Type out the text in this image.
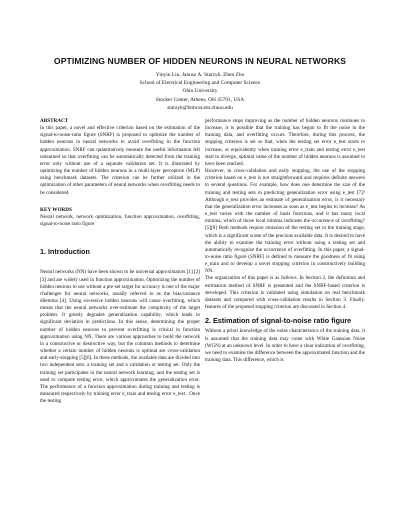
OPTIMIZING NUMBER OF HIDDEN NEURONS IN NEURAL NETWORKS
Yinyin Liu, Janusz A. Starzyk, Zhen Zhu
School of Electrical Engineering and Computer Science
Ohio University
Stocker Center, Athens, OH 45701, USA
starzyk@bobcat.ent.ohiou.edu

ABSTRACT

In this paper, a novel and effective criterion based on the estimation of the signal-to-noise-ratio figure (SNRF) is proposed to optimize the number of hidden neurons in neural networks to avoid overfitting in the function approximation. SNRF can quantitatively measure the useful information left unlearned so that overfitting can be automatically detected from the training error only without use of a separate validation set. It is illustrated by optimizing the number of hidden neurons in a multi-layer perceptron (MLP) using benchmark datasets. The criterion can be further utilized in the optimization of other parameters of neural networks when overfitting needs to be considered.

KEY WORDS

Neural network, network optimization, function approximation, overfitting, signal-to-noise ratio figure

1. Introduction

Neural networks (NN) have been shown to be universal approximators [1] [2] [3] and are widely used in function approximation. Optimizing the number of hidden neurons to use without a pre-set target for accuracy is one of the major challenges for neural networks, usually referred to as the bias/variance dilemma [4]. Using excessive hidden neurons will cause overfitting, which means that the neural networks over-estimate the complexity of the target problem. It greatly degrades generalization capability, which leads to significant deviation in predictions. In this sense, determining the proper number of hidden neurons to prevent overfitting is critical in function approximation using NN. There are various approaches to build the network in a constructive or destructive way, but the common methods to determine whether a certain number of hidden neurons is optimal are cross-validation and early-stopping [5][6]. In these methods, the available data are divided into two independent sets: a training set and a validation or testing set. Only the training set participates in the neural network learning, and the testing set is used to compute testing error, which approximates the generalization error. The performance of a function approximation during training and testing is measured respectively by training error e_train and testing error e_test . Once the testing

performance stops improving as the number of hidden neurons continues to increase, it is possible that the training has begun to fit the noise in the training data, and overfitting occurs. Therefore, during this process, the stopping criterion is set so that, when the testing set error e_test starts to increase, or equivalently when training error e_train and testing error e_test start to diverge, optimal value of the number of hidden neurons is assumed to have been reached.

However, in cross-validation and early stopping, the use of the stopping criterion based on e_test is not straightforward and requires definite answers to several questions. For example, how does one determine the size of the training and testing sets in predicting generalization error using e_test [7]? Although e_test provides an estimate of generalization error, is it necessary that the generalization error increases as soon as e_test begins to increase? As e_test varies with the number of basis functions, and it has many local minima, which of those local minima indicates the occurrence of overfitting? [5][8] Both methods require omission of the testing set in the training stage, which is a significant waste of the precious available data. It is desired to have the ability to examine the training error without using a testing set and automatically recognize the occurrence of overfitting. In this paper, a signal-to-noise ratio figure (SNRF) is defined to measure the goodness of fit using e_train and to develop a novel stopping criterion in constructively building NN.

The organization of this paper is as follows. In Section 2, the definition and estimation method of SNRF is presented and the SNRF-based criterion is developed. This criterion is validated using simulation on real benchmark datasets and compared with cross-validation results in Section 3. Finally, features of the proposed stopping criterion are discussed in Section 4.

2. Estimation of signal-to-noise ratio figure

Without a priori knowledge of the noise characteristics of the training data, it is assumed that the training data may come with White Gaussian Noise (WGN) at an unknown level. In order to have a clear indication of overfitting, we need to examine the difference between the approximated function and the training data. This difference, which is
